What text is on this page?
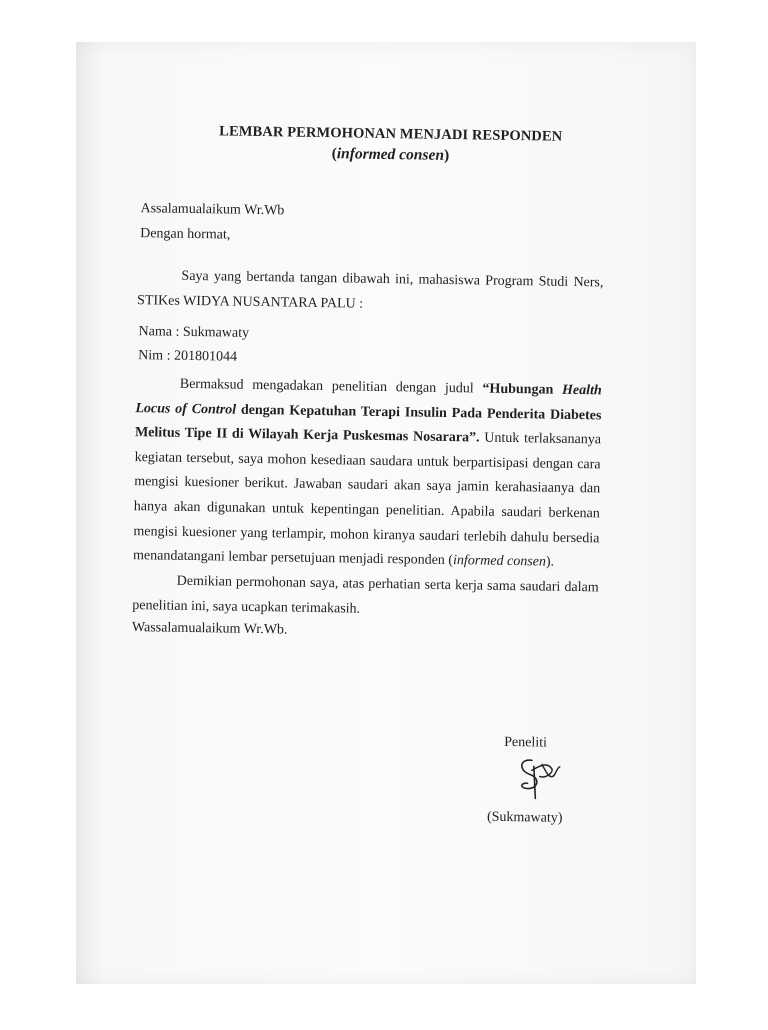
LEMBAR PERMOHONAN MENJADI RESPONDEN
(informed consen)
Assalamualaikum Wr.Wb
Dengan hormat,
Saya yang bertanda tangan dibawah ini, mahasiswa Program Studi Ners, STIKes WIDYA NUSANTARA PALU :
Nama : Sukmawaty
Nim : 201801044
Bermaksud mengadakan penelitian dengan judul “Hubungan Health Locus of Control dengan Kepatuhan Terapi Insulin Pada Penderita Diabetes Melitus Tipe II di Wilayah Kerja Puskesmas Nosarara”. Untuk terlaksananya kegiatan tersebut, saya mohon kesediaan saudara untuk berpartisipasi dengan cara mengisi kuesioner berikut. Jawaban saudari akan saya jamin kerahasiaanya dan hanya akan digunakan untuk kepentingan penelitian. Apabila saudari berkenan mengisi kuesioner yang terlampir, mohon kiranya saudari terlebih dahulu bersedia menandatangani lembar persetujuan menjadi responden (informed consen).
Demikian permohonan saya, atas perhatian serta kerja sama saudari dalam penelitian ini, saya ucapkan terimakasih.
Wassalamualaikum Wr.Wb.
Peneliti
(Sukmawaty)
